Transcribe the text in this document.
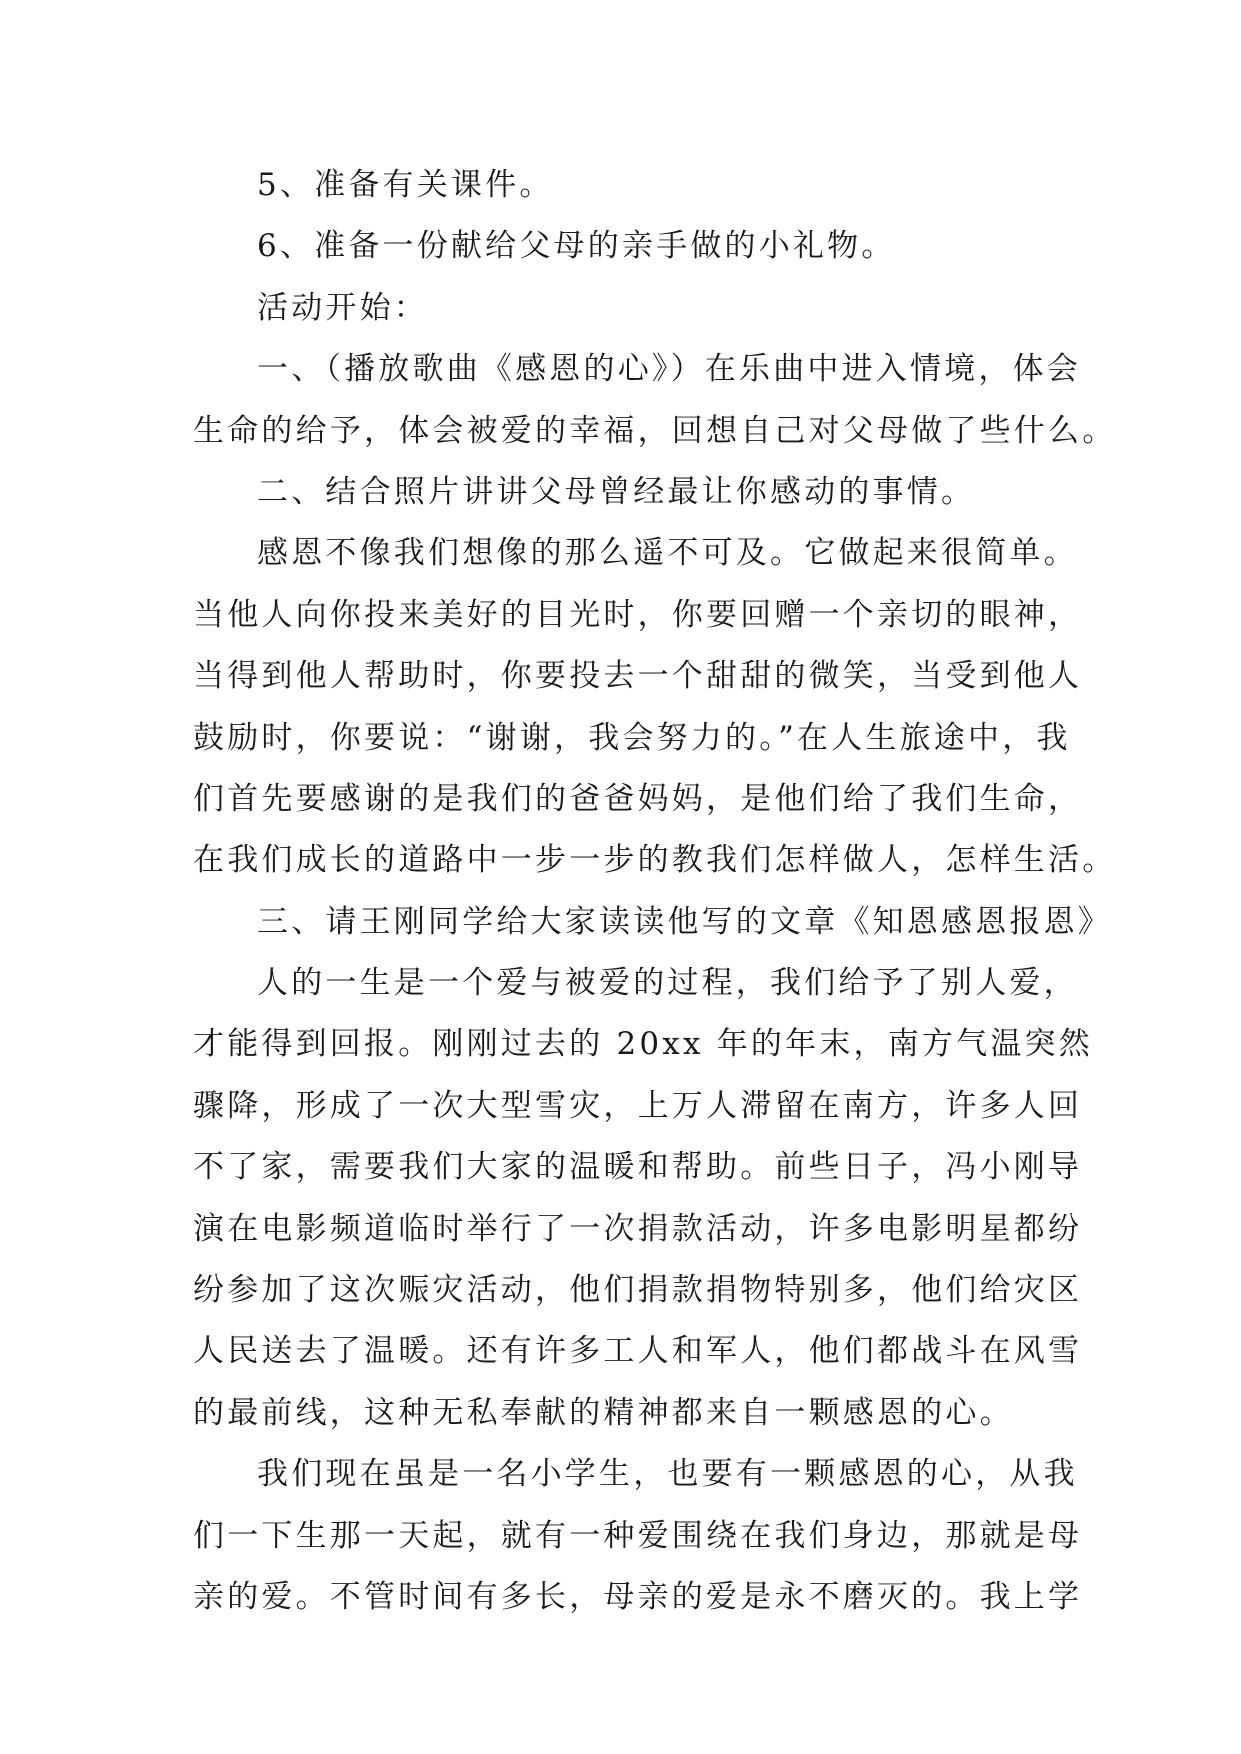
5、准备有关课件。
6、准备一份献给父母的亲手做的小礼物。
活动开始：
一、（播放歌曲《感恩的心》）在乐曲中进入情境，体会
生命的给予，体会被爱的幸福，回想自己对父母做了些什么。
二、结合照片讲讲父母曾经最让你感动的事情。
感恩不像我们想像的那么遥不可及。它做起来很简单。
当他人向你投来美好的目光时，你要回赠一个亲切的眼神，
当得到他人帮助时，你要投去一个甜甜的微笑，当受到他人
鼓励时，你要说：“谢谢，我会努力的。”在人生旅途中，我
们首先要感谢的是我们的爸爸妈妈，是他们给了我们生命，
在我们成长的道路中一步一步的教我们怎样做人，怎样生活。
三、请王刚同学给大家读读他写的文章《知恩感恩报恩》
人的一生是一个爱与被爱的过程，我们给予了别人爱，
才能得到回报。刚刚过去的 20xx 年的年末，南方气温突然
骤降，形成了一次大型雪灾，上万人滞留在南方，许多人回
不了家，需要我们大家的温暖和帮助。前些日子，冯小刚导
演在电影频道临时举行了一次捐款活动，许多电影明星都纷
纷参加了这次赈灾活动，他们捐款捐物特别多，他们给灾区
人民送去了温暖。还有许多工人和军人，他们都战斗在风雪
的最前线，这种无私奉献的精神都来自一颗感恩的心。
我们现在虽是一名小学生，也要有一颗感恩的心，从我
们一下生那一天起，就有一种爱围绕在我们身边，那就是母
亲的爱。不管时间有多长，母亲的爱是永不磨灭的。我上学
